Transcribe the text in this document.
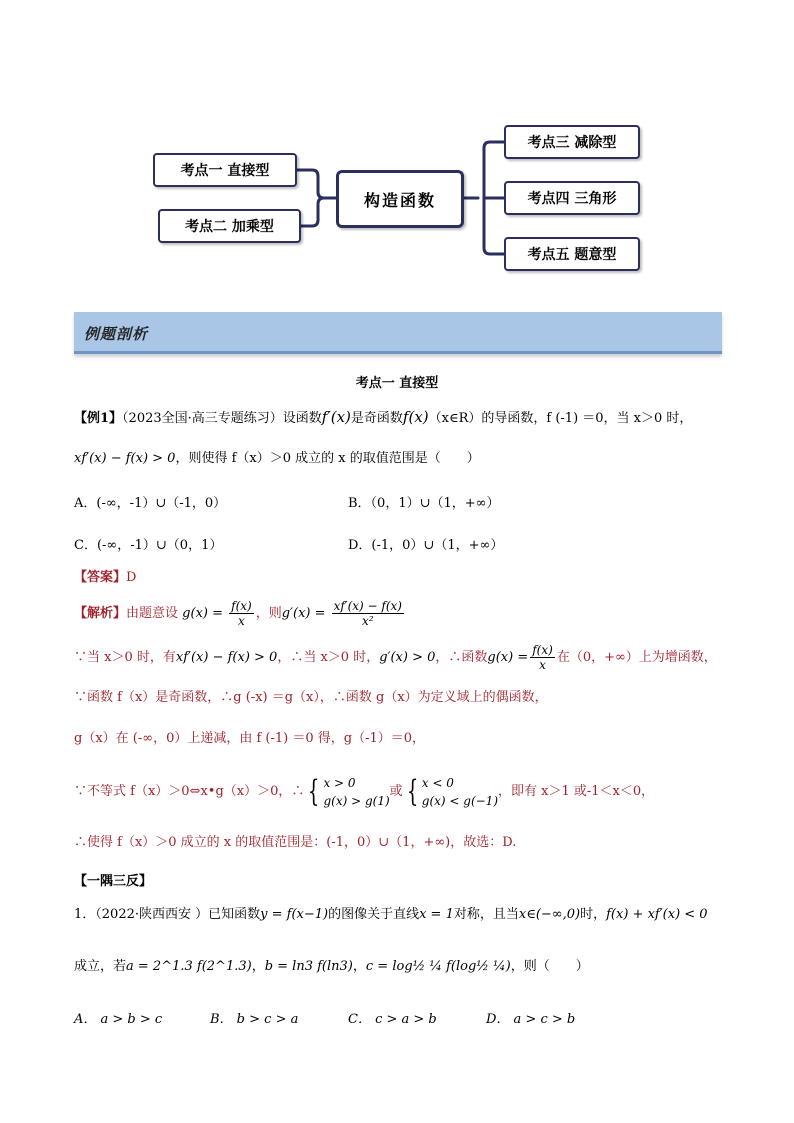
考点一 直接型
考点二 加乘型
构造函数
考点三 减除型
考点四 三角形
考点五 题意型
例题剖析
考点一 直接型
【例1】（2023全国·高三专题练习）设函数f′(x)是奇函数f(x)（x∈R）的导函数，f (-1) ＝0，当 x＞0 时，
xf′(x) − f(x) > 0，则使得 f（x）＞0 成立的 x 的取值范围是（　　）
A．(-∞，-1）∪（-1，0）	B．（0，1）∪（1，+∞）
C．(-∞，-1）∪（0，1）	D．(-1，0）∪（1，+∞）
【答案】D
【解析】由题意设 $g(x) = \frac{f(x)}{x}$ ，则$g'(x) = \frac{xf'(x) - f(x)}{\text{x²}}$
∵当 x＞0 时，有xf′(x) − f(x) > 0，∴当 x＞0 时，g′(x) > 0，∴函数$g(x) = \frac{f(x)}{x}$ 在（0，+∞）上为增函数，
∵函数 f（x）是奇函数，∴g (-x) ＝g（x），∴函数 g（x）为定义域上的偶函数，
g（x）在 (-∞，0）上递减，由 f (-1) ＝0 得，g（-1）＝0，
∵不等式 f（x）＞0⇔x•g（x）＞0，∴ { x > 0
g(x) > g(1)
或 { x < 0
g(x) < g(−1)
，即有 x＞1 或-1＜x＜0，
∴使得 f（x）＞0 成立的 x 的取值范围是：(-1，0）∪（1，+∞)，故选：D.
【一隅三反】
1．（2022·陕西西安 ）已知函数y = f(x−1)的图像关于直线x = 1对称，且当x∈(−∞,0)时，f(x) + xf′(x) < 0
成立，若a = 2^1.3 f(2^1.3)，b = ln3 f(ln3)，c = log½ ¼ f(log½ ¼)，则（　　）
A． a > b > c	B． b > c > a	C． c > a > b	D． a > c > b
